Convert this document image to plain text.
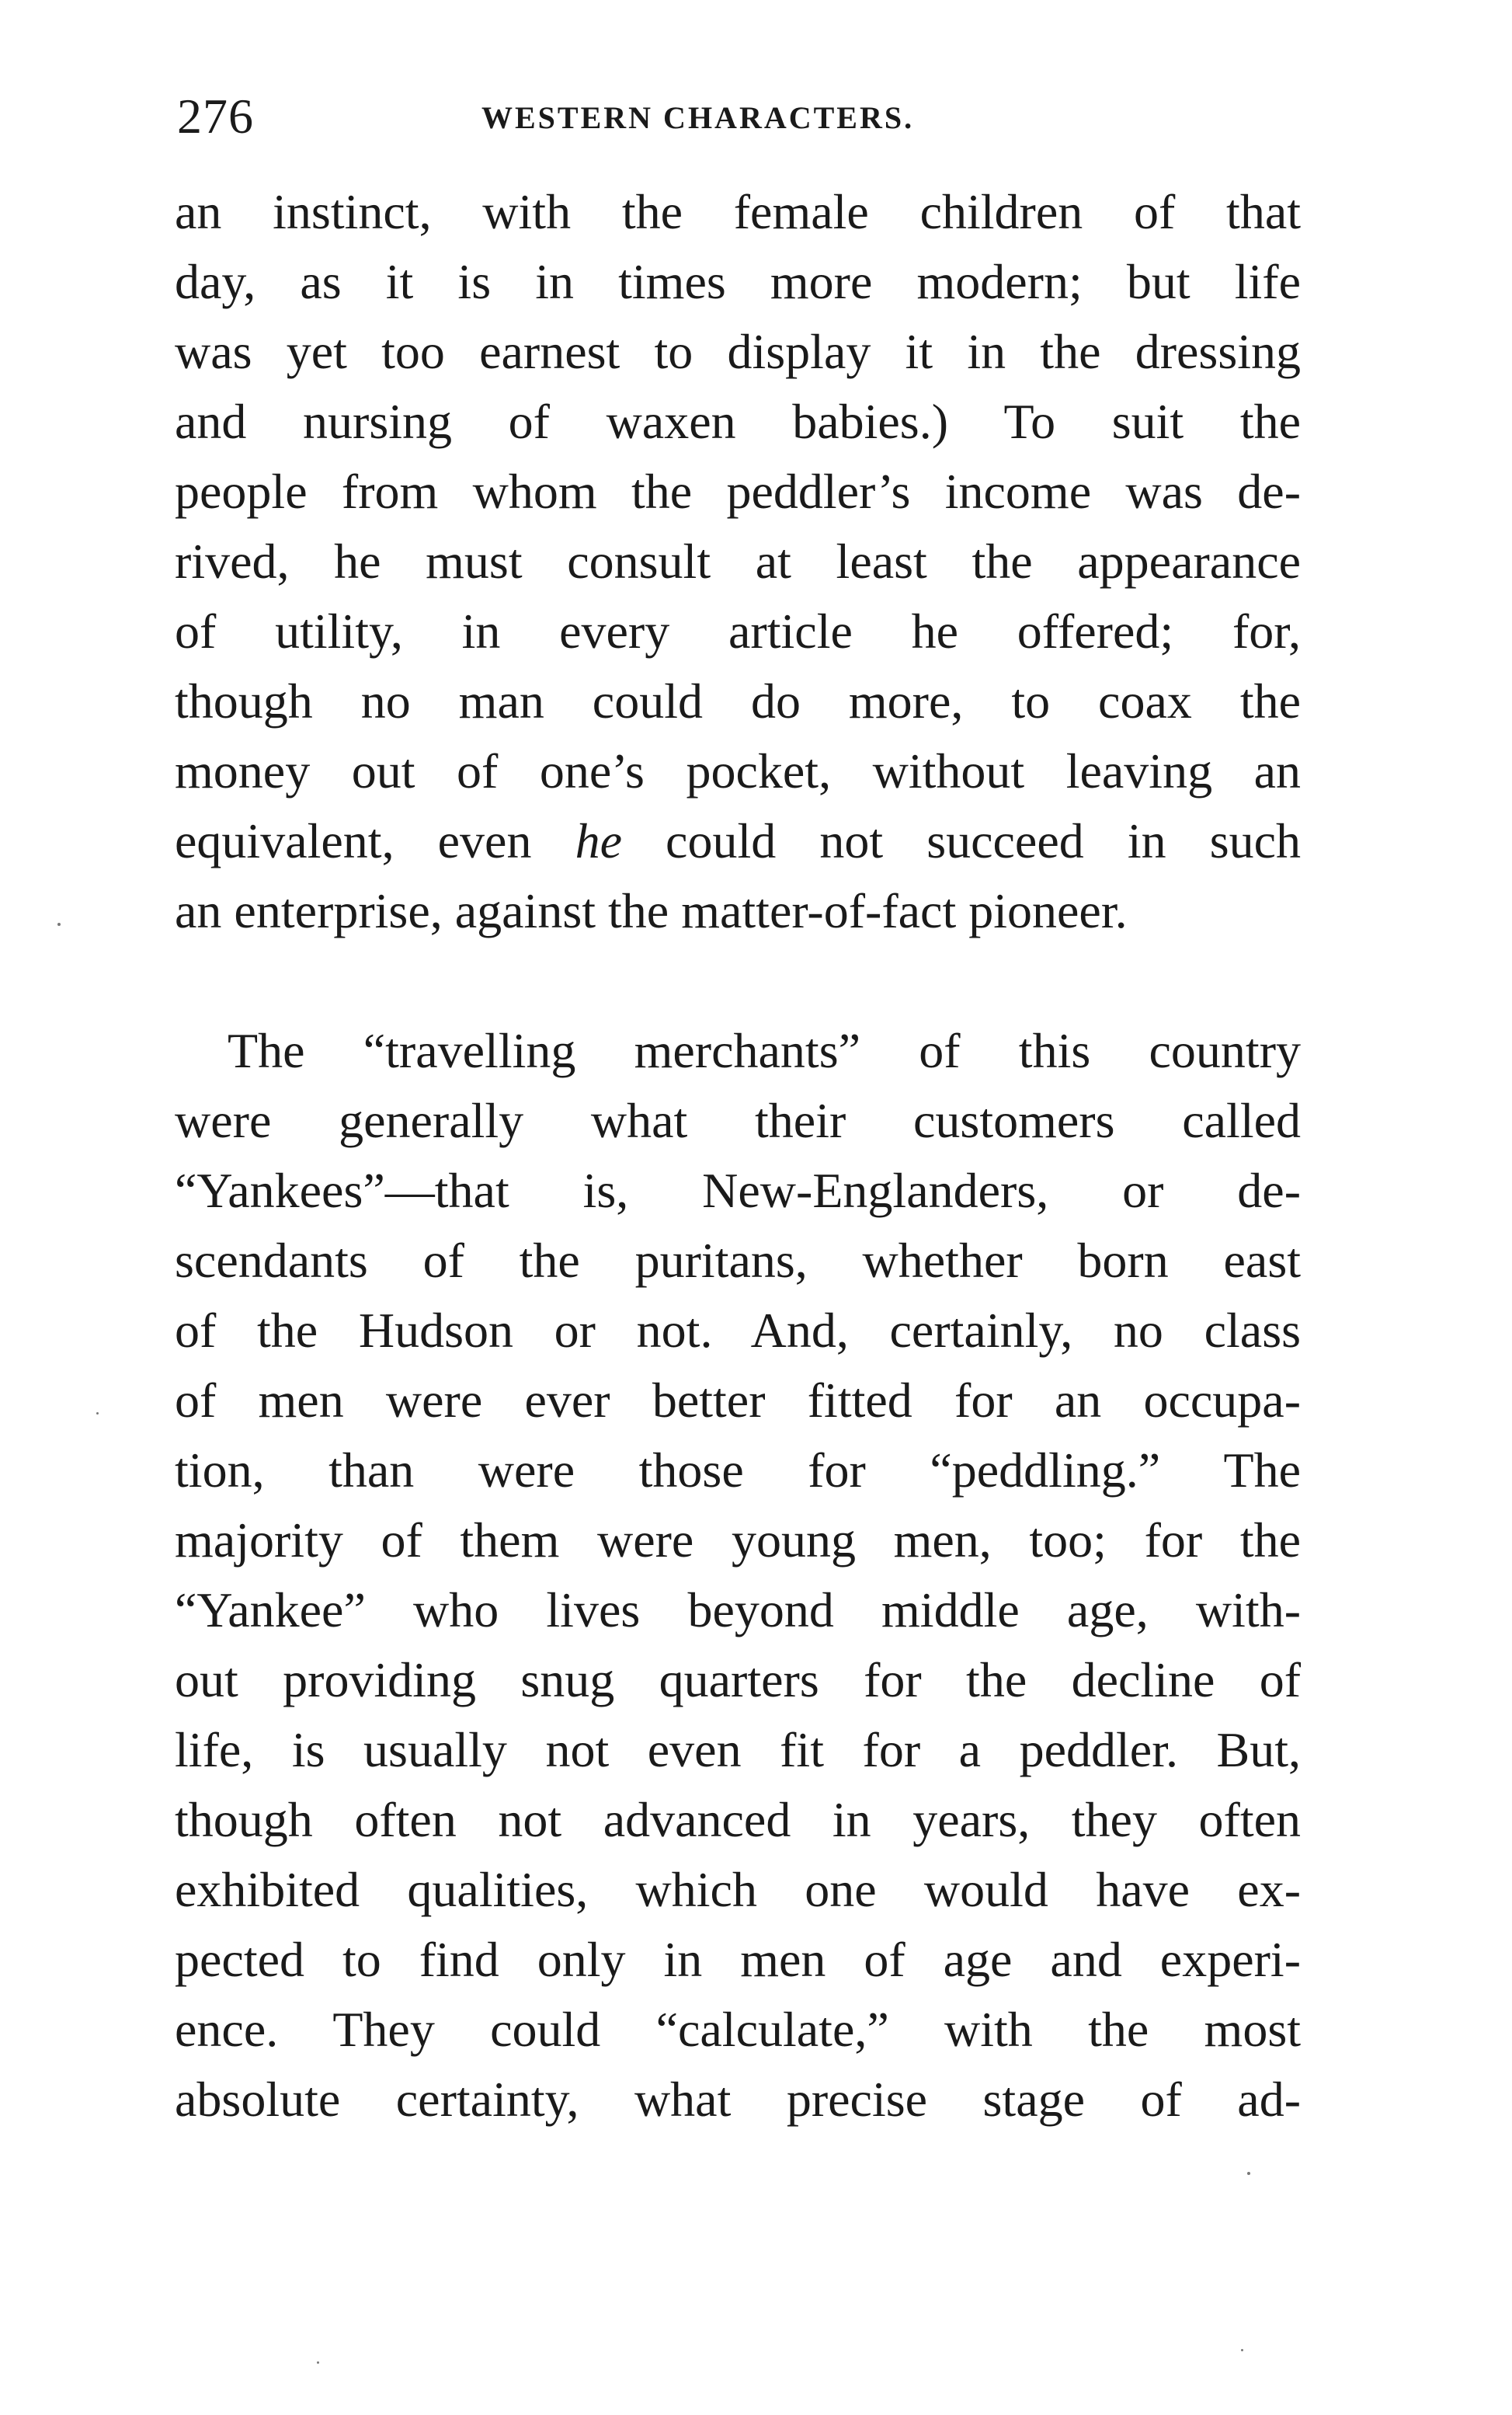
276	WESTERN CHARACTERS.
an instinct, with the female children of that
day, as it is in times more modern; but life
was yet too earnest to display it in the dressing
and nursing of waxen babies.) To suit the
people from whom the peddler’s income was de-
rived, he must consult at least the appearance
of utility, in every article he offered; for,
though no man could do more, to coax the
money out of one’s pocket, without leaving an
equivalent, even he could not succeed in such
an enterprise, against the matter-of-fact pioneer.
The “travelling merchants” of this country
were generally what their customers called
“Yankees”—that is, New-Englanders, or de-
scendants of the puritans, whether born east
of the Hudson or not. And, certainly, no class
of men were ever better fitted for an occupa-
tion, than were those for “peddling.” The
majority of them were young men, too; for the
“Yankee” who lives beyond middle age, with-
out providing snug quarters for the decline of
life, is usually not even fit for a peddler. But,
though often not advanced in years, they often
exhibited qualities, which one would have ex-
pected to find only in men of age and experi-
ence. They could “calculate,” with the most
absolute certainty, what precise stage of ad-
